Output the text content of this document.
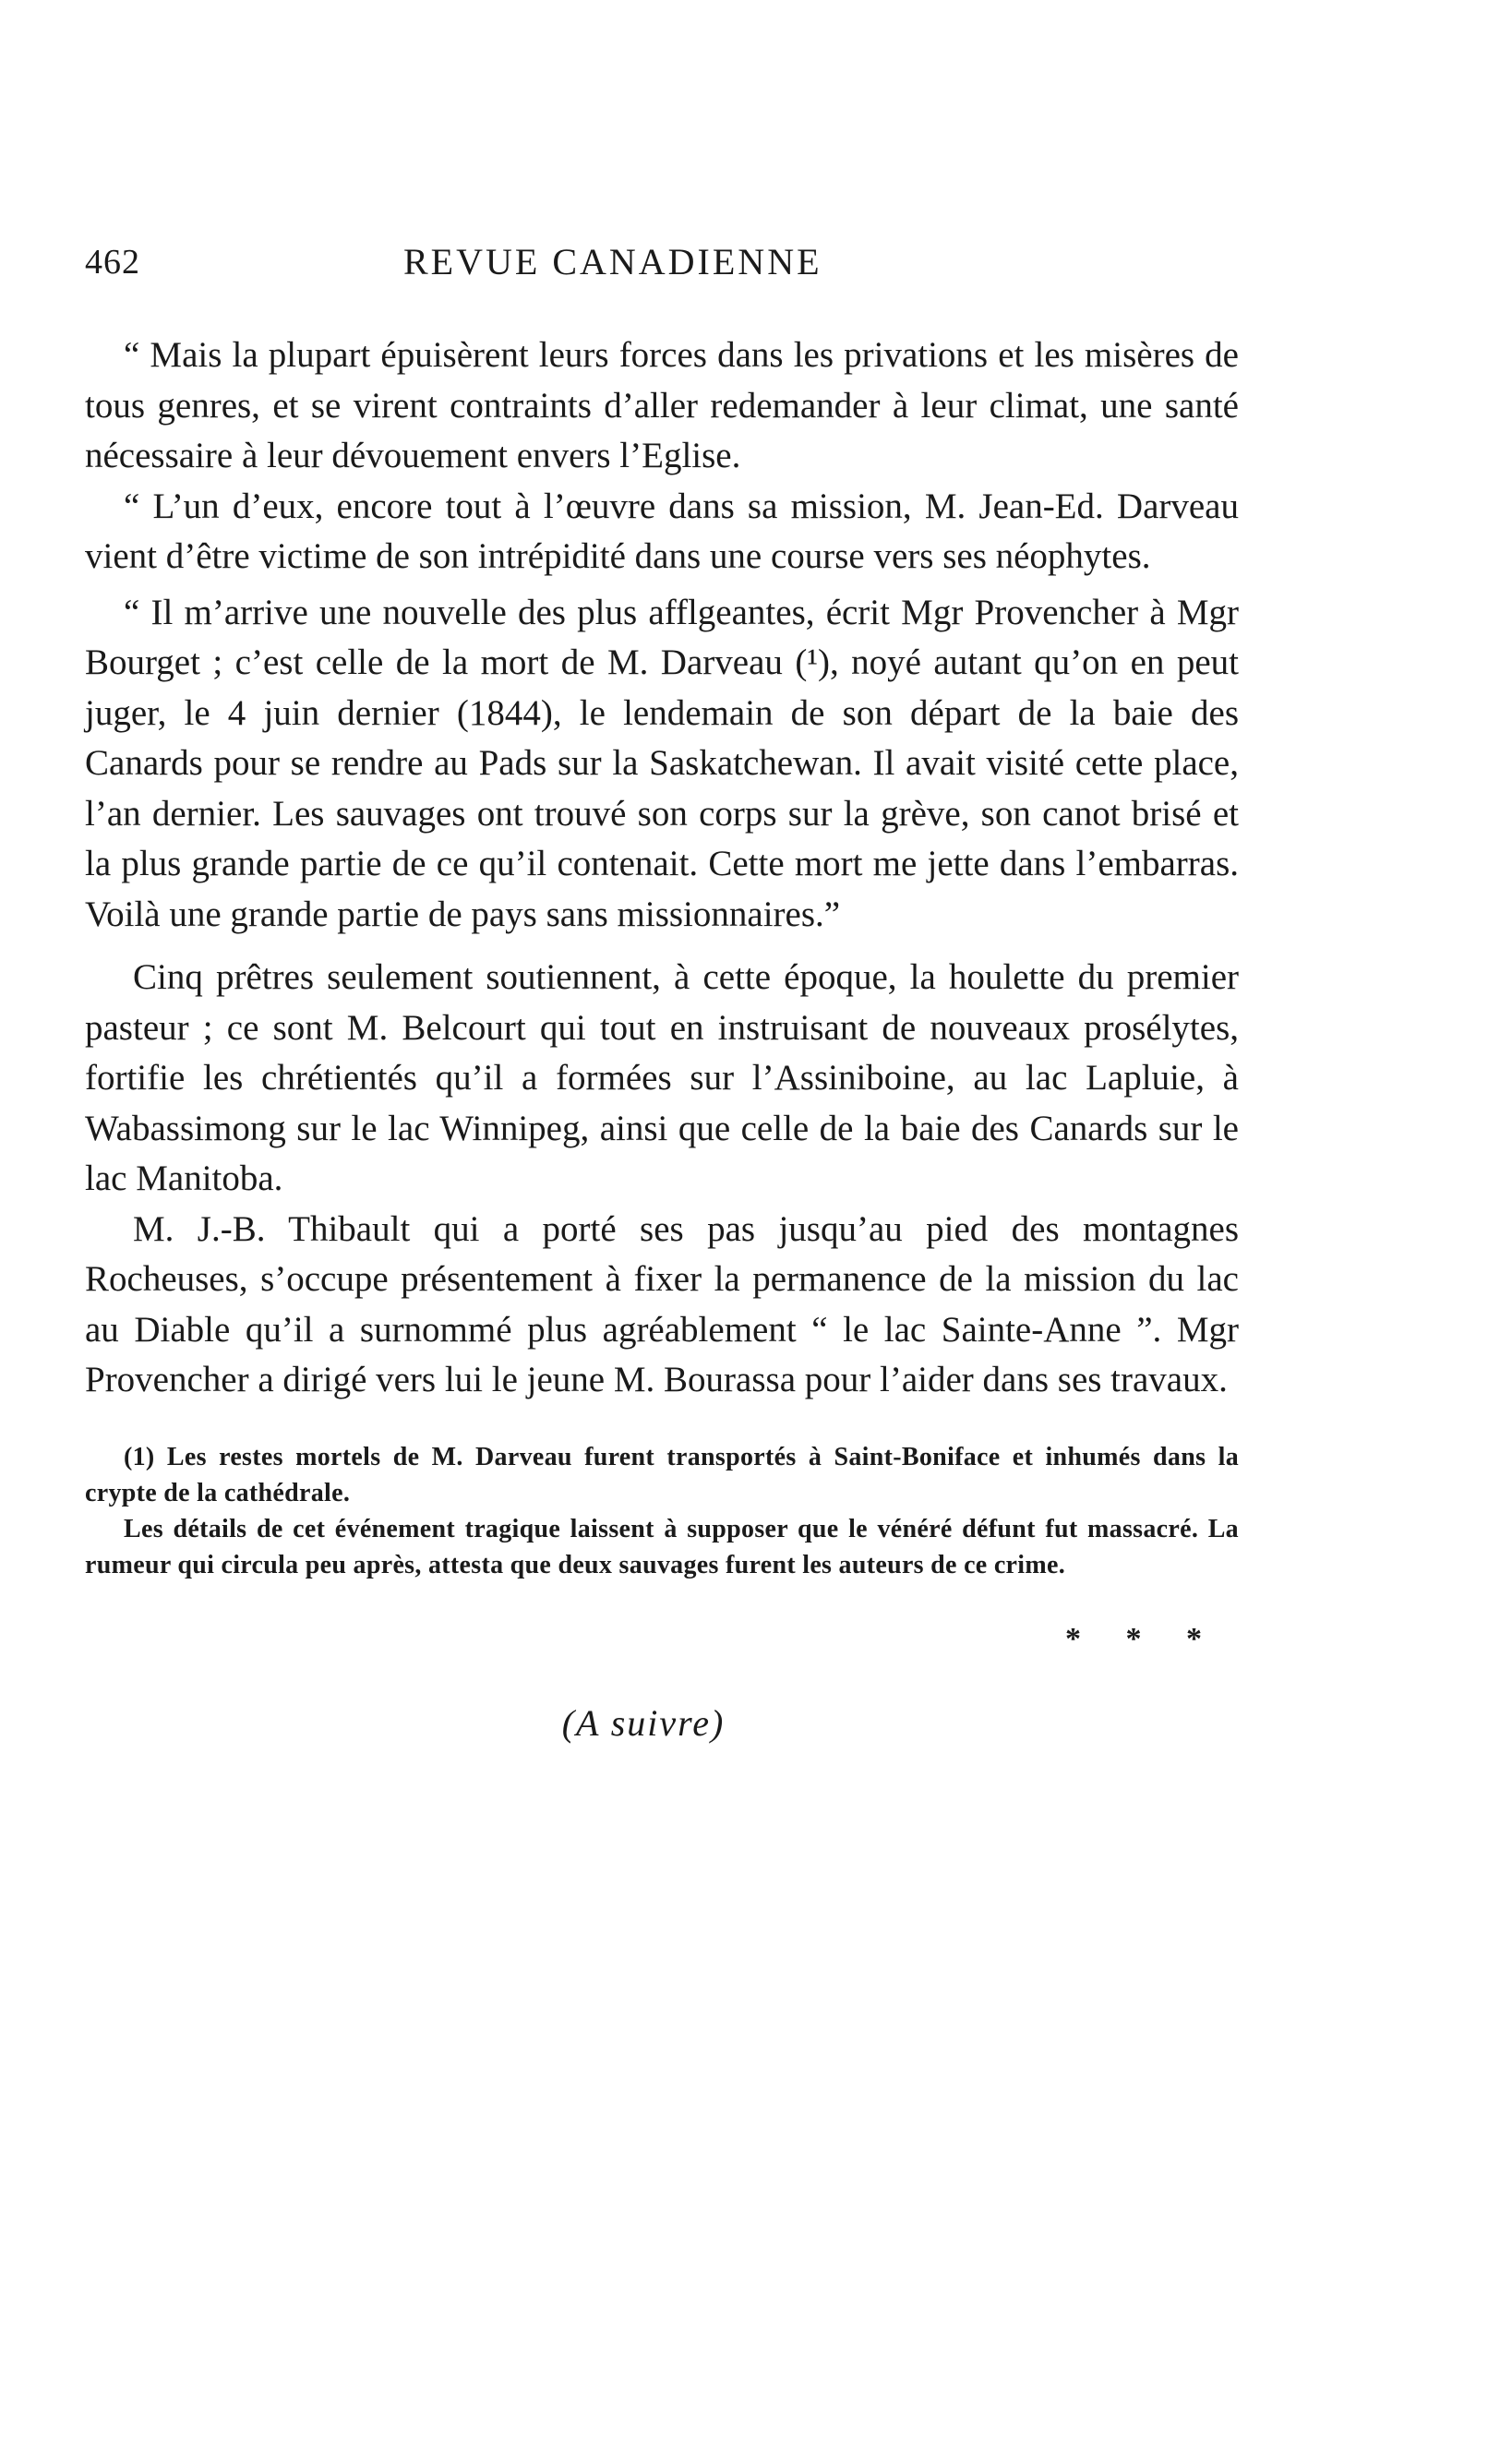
462	REVUE CANADIENNE

“ Mais la plupart épuisèrent leurs forces dans les privations et les misères de tous genres, et se virent contraints d’aller redemander à leur climat, une santé nécessaire à leur dévouement envers l’Eglise.

“ L’un d’eux, encore tout à l’œuvre dans sa mission, M. Jean-Ed. Darveau vient d’être victime de son intrépidité dans une course vers ses néophytes.

“ Il m’arrive une nouvelle des plus afflgeantes, écrit Mgr Provencher à Mgr Bourget ; c’est celle de la mort de M. Darveau (¹), noyé autant qu’on en peut juger, le 4 juin dernier (1844), le lendemain de son départ de la baie des Canards pour se rendre au Pads sur la Saskatchewan. Il avait visité cette place, l’an dernier. Les sauvages ont trouvé son corps sur la grève, son canot brisé et la plus grande partie de ce qu’il contenait. Cette mort me jette dans l’embarras. Voilà une grande partie de pays sans missionnaires.”

Cinq prêtres seulement soutiennent, à cette époque, la houlette du premier pasteur ; ce sont M. Belcourt qui tout en instruisant de nouveaux prosélytes, fortifie les chrétientés qu’il a formées sur l’Assiniboine, au lac Lapluie, à Wabassimong sur le lac Winnipeg, ainsi que celle de la baie des Canards sur le lac Manitoba.

M. J.-B. Thibault qui a porté ses pas jusqu’au pied des montagnes Rocheuses, s’occupe présentement à fixer la permanence de la mission du lac au Diable qu’il a surnommé plus agréablement “ le lac Sainte-Anne ”. Mgr Provencher a dirigé vers lui le jeune M. Bourassa pour l’aider dans ses travaux.

(1) Les restes mortels de M. Darveau furent transportés à Saint-Boniface et inhumés dans la crypte de la cathédrale.

Les détails de cet événement tragique laissent à supposer que le vénéré défunt fut massacré. La rumeur qui circula peu après, attesta que deux sauvages furent les auteurs de ce crime.

* * *
(A suivre)
